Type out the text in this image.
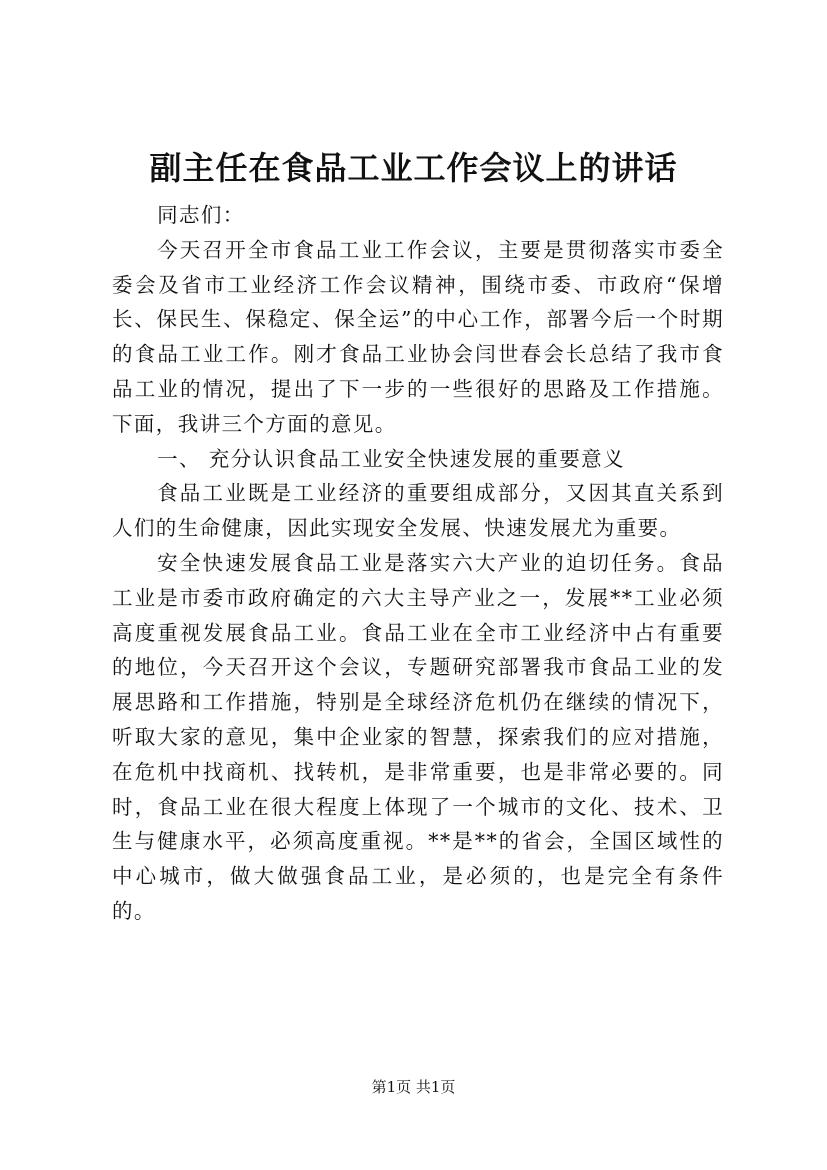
副主任在食品工业工作会议上的讲话

同志们：

今天召开全市食品工业工作会议，主要是贯彻落实市委全委会及省市工业经济工作会议精神，围绕市委、市政府“保增长、保民生、保稳定、保全运”的中心工作，部署今后一个时期的食品工业工作。刚才食品工业协会闫世春会长总结了我市食品工业的情况，提出了下一步的一些很好的思路及工作措施。下面，我讲三个方面的意见。

一、 充分认识食品工业安全快速发展的重要意义

食品工业既是工业经济的重要组成部分，又因其直关系到人们的生命健康，因此实现安全发展、快速发展尤为重要。

安全快速发展食品工业是落实六大产业的迫切任务。食品工业是市委市政府确定的六大主导产业之一，发展**工业必须高度重视发展食品工业。食品工业在全市工业经济中占有重要的地位，今天召开这个会议，专题研究部署我市食品工业的发展思路和工作措施，特别是全球经济危机仍在继续的情况下，听取大家的意见，集中企业家的智慧，探索我们的应对措施，在危机中找商机、找转机，是非常重要，也是非常必要的。同时，食品工业在很大程度上体现了一个城市的文化、技术、卫生与健康水平，必须高度重视。**是**的省会，全国区域性的中心城市，做大做强食品工业，是必须的，也是完全有条件的。

第1页 共1页
